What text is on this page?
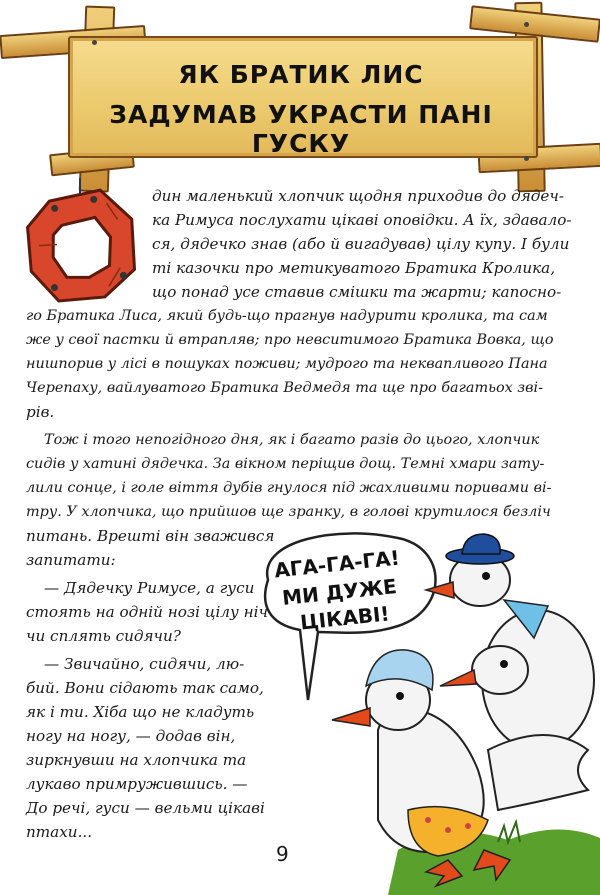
ЯК БРАТИК ЛИС
ЗАДУМАВ УКРАСТИ ПАНІ ГУСКУ
дин маленький хлопчик щодня приходив до дядеч-
ка Римуса послухати цікаві оповідки. А їх, здавало-
ся, дядечко знав (або й вигадував) цілу купу. І були
ті казочки про метикуватого Братика Кролика,
що понад усе ставив смішки та жарти; капосно-
го Братика Лиса, який будь-що прагнув надурити кролика, та сам
же у свої пастки й втрапляв; про невситимого Братика Вовка, що
нишпорив у лісі в пошуках поживи; мудрого та неквапливого Пана
Черепаху, вайлуватого Братика Ведмедя та ще про багатьох зві-
рів.
Тож і того непогідного дня, як і багато разів до цього, хлопчик
сидів у хатині дядечка. За вікном періщив дощ. Темні хмари зату-
лили сонце, і голе віття дубів гнулося під жахливими поривами ві-
тру. У хлопчика, що прийшов ще зранку, в голові крутилося безліч
питань. Врешті він зважився
запитати:
— Дядечку Римусе, а гуси
стоять на одній нозі цілу ніч
чи сплять сидячи?
— Звичайно, сидячи, лю-
бий. Вони сідають так само,
як і ти. Хіба що не кладуть
ногу на ногу, — додав він,
зиркнувши на хлопчика та
лукаво примружившись. —
До речі, гуси — вельми цікаві
птахи...
АГА-ГА-ГА!
МИ ДУЖЕ
ЦІКАВІ!
9
